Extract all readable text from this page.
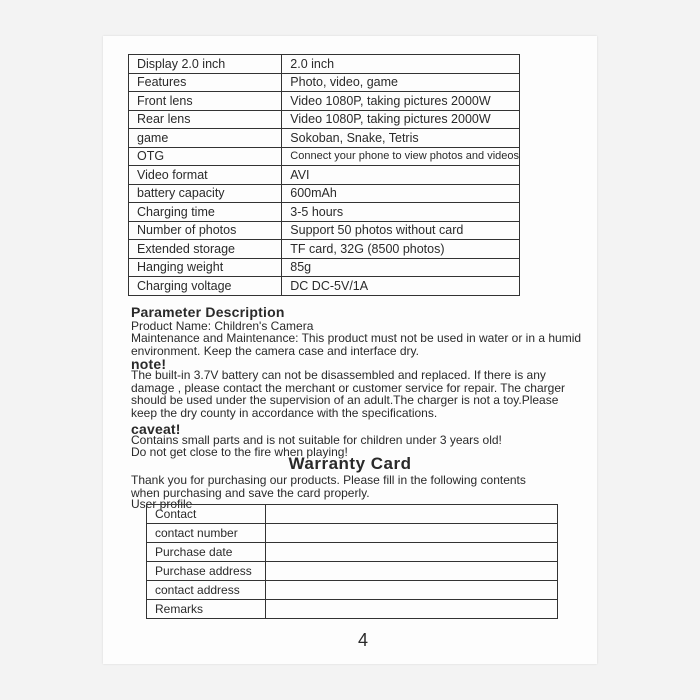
Display 2.0 inch	2.0 inch
Features	Photo, video, game
Front lens	Video 1080P, taking pictures 2000W
Rear lens	Video 1080P, taking pictures 2000W
game	Sokoban, Snake, Tetris
OTG	Connect your phone to view photos and videos
Video format	AVI
battery capacity	600mAh
Charging time	3-5 hours
Number of photos	Support 50 photos without card
Extended storage	TF card, 32G (8500 photos)
Hanging weight	85g
Charging voltage	DC DC-5V/1A
Parameter Description
Product Name: Children's Camera
Maintenance and Maintenance: This product must not be used in water or in a humid environment. Keep the camera case and interface dry.
note!
The built-in 3.7V battery can not be disassembled and replaced. If there is any damage , please contact the merchant or customer service for repair. The charger should be used under the supervision of an adult.The charger is not a toy.Please keep the dry county in accordance with the specifications.
caveat!
Contains small parts and is not suitable for children under 3 years old!
Do not get close to the fire when playing!
Warranty Card
Thank you for purchasing our products. Please fill in the following contents when purchasing and save the card properly.
User profile
Contact	
contact number	
Purchase date	
Purchase address	
contact address	
Remarks	
4
